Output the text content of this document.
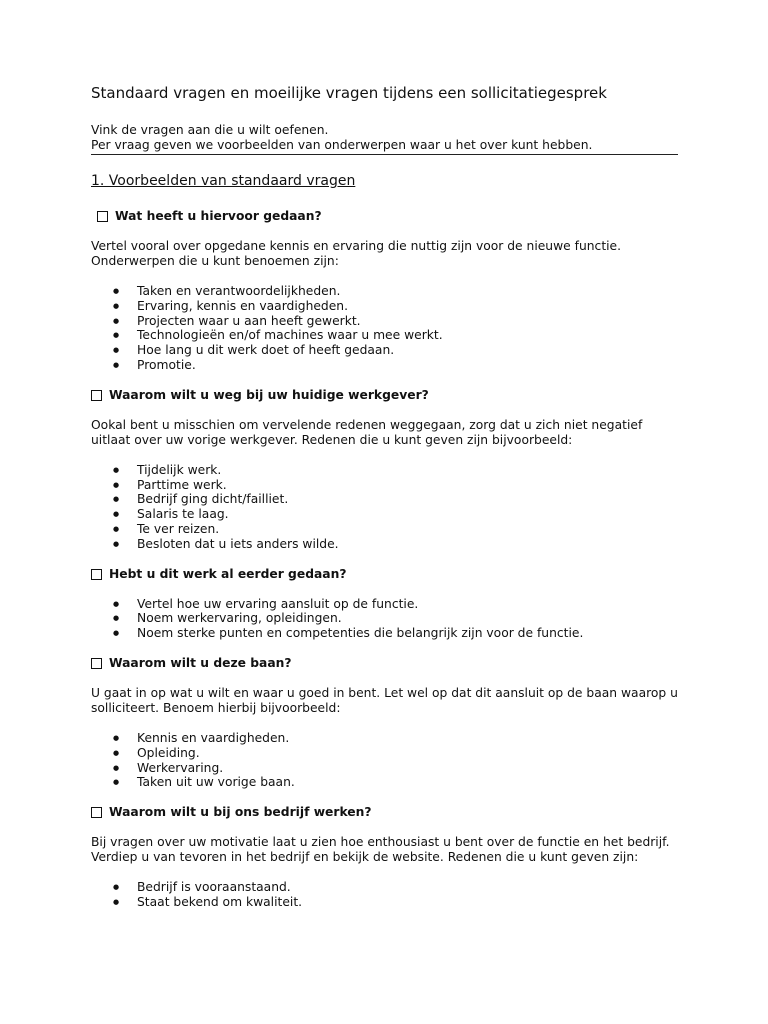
Standaard vragen en moeilijke vragen tijdens een sollicitatiegesprek

Vink de vragen aan die u wilt oefenen.
Per vraag geven we voorbeelden van onderwerpen waar u het over kunt hebben.

1. Voorbeelden van standaard vragen
Wat heeft u hiervoor gedaan?

Vertel vooral over opgedane kennis en ervaring die nuttig zijn voor de nieuwe functie. Onderwerpen die u kunt benoemen zijn:

● Taken en verantwoordelijkheden.
● Ervaring, kennis en vaardigheden.
● Projecten waar u aan heeft gewerkt.
● Technologieën en/of machines waar u mee werkt.
● Hoe lang u dit werk doet of heeft gedaan.
● Promotie.
Waarom wilt u weg bij uw huidige werkgever?

Ookal bent u misschien om vervelende redenen weggegaan, zorg dat u zich niet negatief uitlaat over uw vorige werkgever. Redenen die u kunt geven zijn bijvoorbeeld:

● Tijdelijk werk.
● Parttime werk.
● Bedrijf ging dicht/failliet.
● Salaris te laag.
● Te ver reizen.
● Besloten dat u iets anders wilde.
Hebt u dit werk al eerder gedaan?
● Vertel hoe uw ervaring aansluit op de functie.
● Noem werkervaring, opleidingen.
● Noem sterke punten en competenties die belangrijk zijn voor de functie.
Waarom wilt u deze baan?

U gaat in op wat u wilt en waar u goed in bent. Let wel op dat dit aansluit op de baan waarop u solliciteert. Benoem hierbij bijvoorbeeld:

● Kennis en vaardigheden.
● Opleiding.
● Werkervaring.
● Taken uit uw vorige baan.
Waarom wilt u bij ons bedrijf werken?

Bij vragen over uw motivatie laat u zien hoe enthousiast u bent over de functie en het bedrijf. Verdiep u van tevoren in het bedrijf en bekijk de website. Redenen die u kunt geven zijn:

● Bedrijf is vooraanstaand.
● Staat bekend om kwaliteit.
